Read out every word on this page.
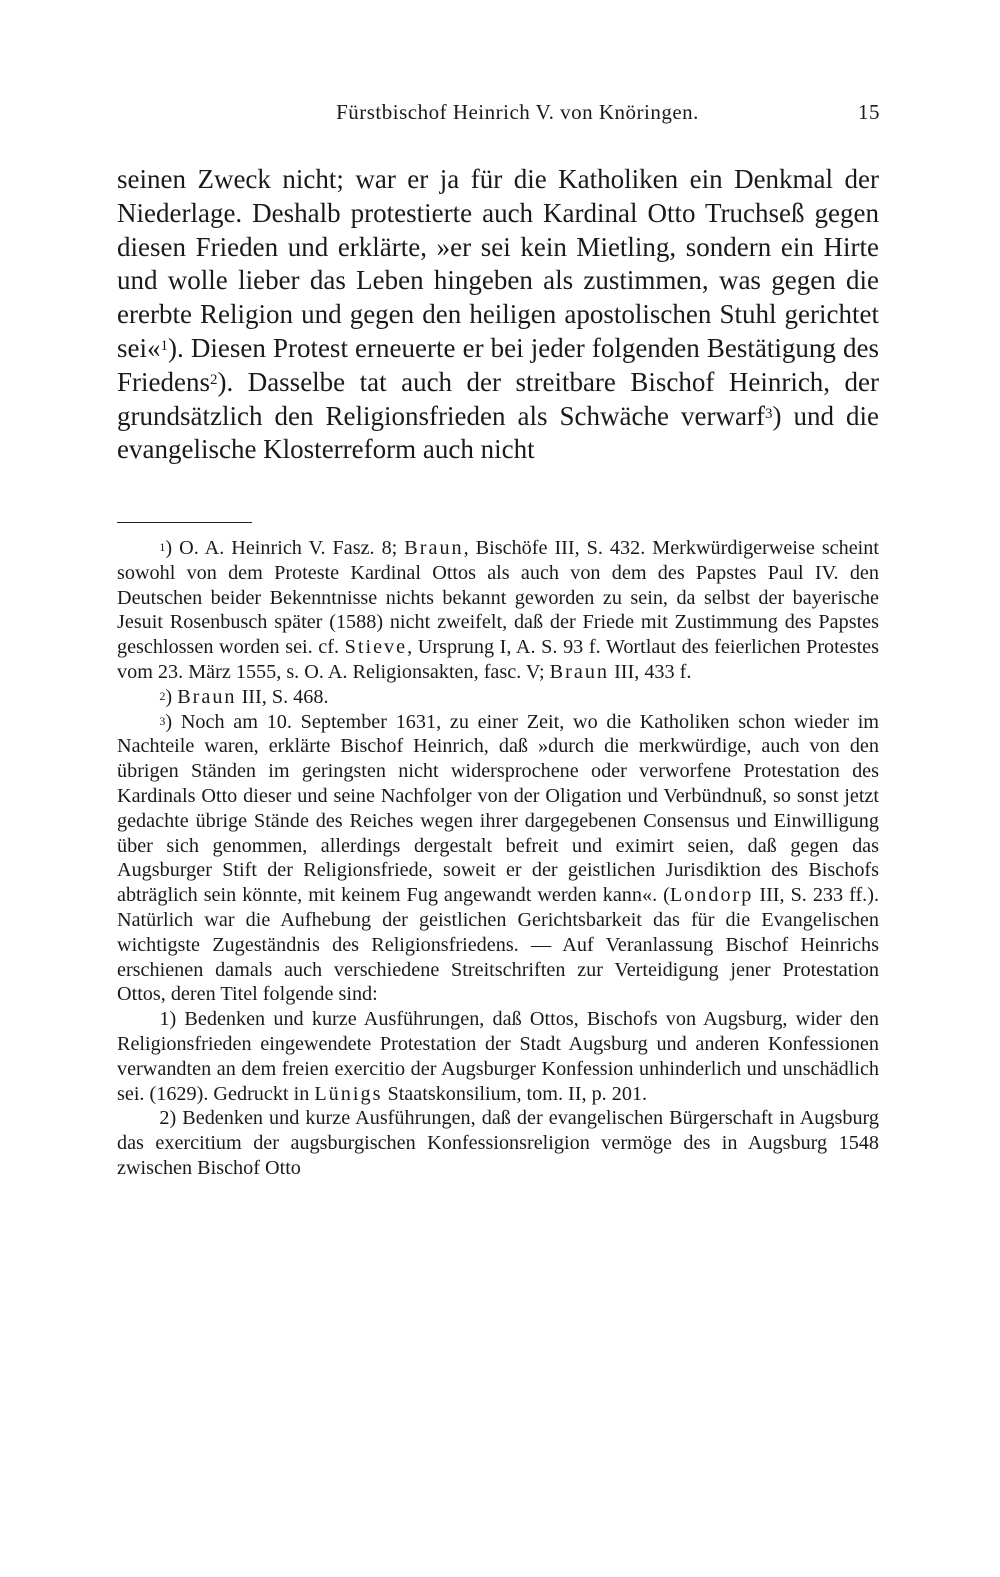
Fürstbischof Heinrich V. von Knöringen.	15

seinen Zweck nicht; war er ja für die Katholiken ein Denkmal der Niederlage. Deshalb protestierte auch Kardinal Otto Truchseß gegen diesen Frieden und erklärte, »er sei kein Mietling, sondern ein Hirte und wolle lieber das Leben hingeben als zustimmen, was gegen die ererbte Religion und gegen den heiligen apostolischen Stuhl gerichtet sei«$^1$). Diesen Protest erneuerte er bei jeder folgenden Bestätigung des Friedens$^2$). Dasselbe tat auch der streitbare Bischof Heinrich, der grundsätzlich den Religionsfrieden als Schwäche verwarf$^3$) und die evangelische Klosterreform auch nicht

$^1$) O. A. Heinrich V. Fasz. 8; Braun, Bischöfe III, S. 432. Merkwürdigerweise scheint sowohl von dem Proteste Kardinal Ottos als auch von dem des Papstes Paul IV. den Deutschen beider Bekenntnisse nichts bekannt geworden zu sein, da selbst der bayerische Jesuit Rosenbusch später (1588) nicht zweifelt, daß der Friede mit Zustimmung des Papstes geschlossen worden sei. cf. Stieve, Ursprung I, A. S. 93 f. Wortlaut des feierlichen Protestes vom 23. März 1555, s. O. A. Religionsakten, fasc. V; Braun III, 433 f.

$^2$) Braun III, S. 468.

$^3$) Noch am 10. September 1631, zu einer Zeit, wo die Katholiken schon wieder im Nachteile waren, erklärte Bischof Heinrich, daß »durch die merkwürdige, auch von den übrigen Ständen im geringsten nicht widersprochene oder verworfene Protestation des Kardinals Otto dieser und seine Nachfolger von der Oligation und Verbündnuß, so sonst jetzt gedachte übrige Stände des Reiches wegen ihrer dargegebenen Consensus und Einwilligung über sich genommen, allerdings dergestalt befreit und eximirt seien, daß gegen das Augsburger Stift der Religionsfriede, soweit er der geistlichen Jurisdiktion des Bischofs abträglich sein könnte, mit keinem Fug angewandt werden kann«. (Londorp III, S. 233 ff.). Natürlich war die Aufhebung der geistlichen Gerichtsbarkeit das für die Evangelischen wichtigste Zugeständnis des Religionsfriedens. — Auf Veranlassung Bischof Heinrichs erschienen damals auch verschiedene Streitschriften zur Verteidigung jener Protestation Ottos, deren Titel folgende sind:

1) Bedenken und kurze Ausführungen, daß Ottos, Bischofs von Augsburg, wider den Religionsfrieden eingewendete Protestation der Stadt Augsburg und anderen Konfessionen verwandten an dem freien exercitio der Augsburger Konfession unhinderlich und unschädlich sei. (1629). Gedruckt in Lünigs Staatskonsilium, tom. II, p. 201.

2) Bedenken und kurze Ausführungen, daß der evangelischen Bürgerschaft in Augsburg das exercitium der augsburgischen Konfessionsreligion vermöge des in Augsburg 1548 zwischen Bischof Otto
